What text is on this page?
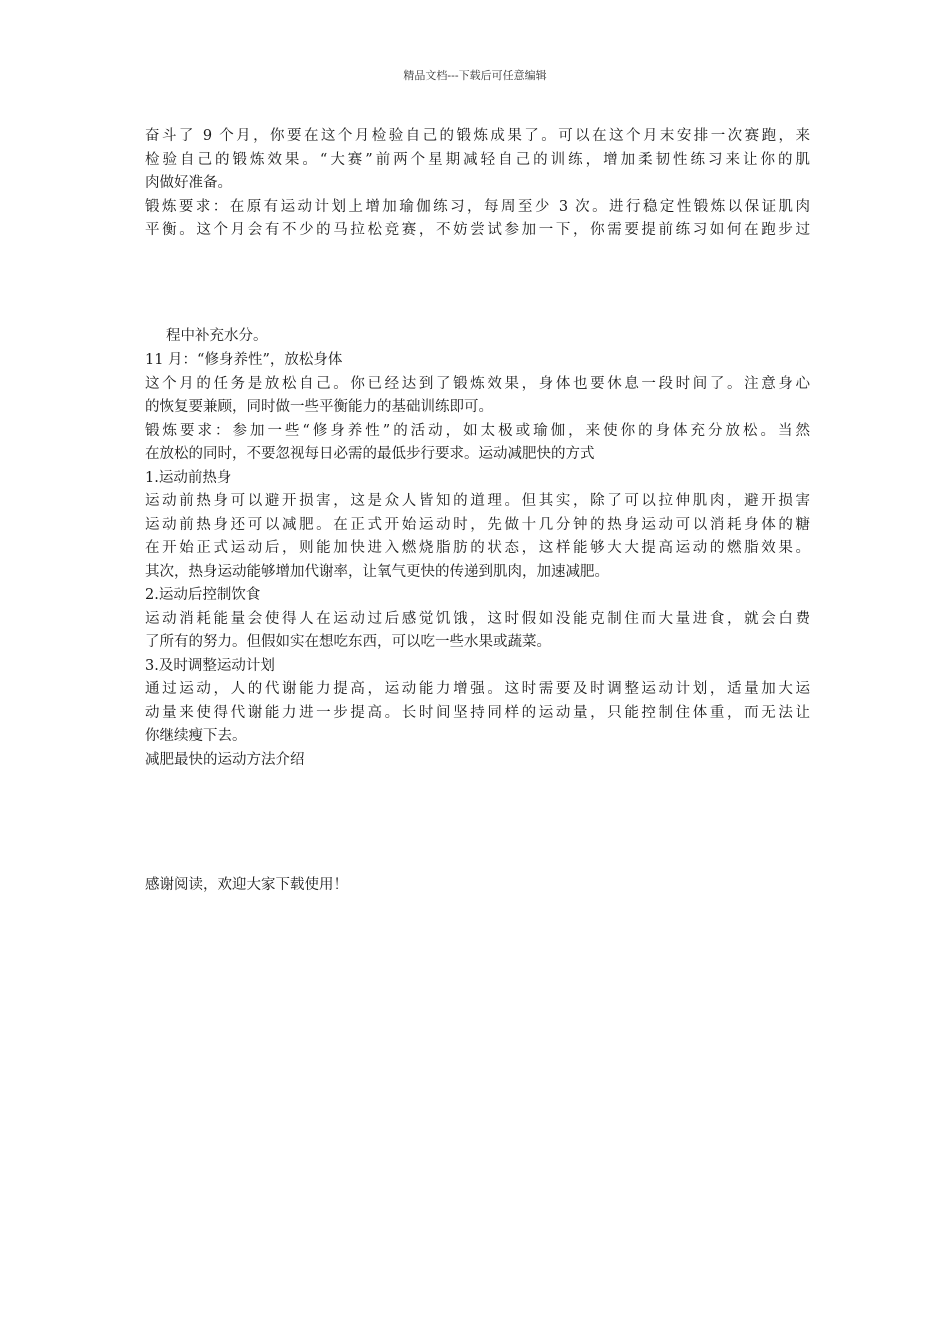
精品文档---下载后可任意编辑
奋斗了 9 个月，你要在这个月检验自己的锻炼成果了。可以在这个月末安排一次赛跑，来
检验自己的锻炼效果。“大赛”前两个星期减轻自己的训练，增加柔韧性练习来让你的肌
肉做好准备。
锻炼要求：在原有运动计划上增加瑜伽练习，每周至少 3 次。进行稳定性锻炼以保证肌肉
平衡。这个月会有不少的马拉松竞赛，不妨尝试参加一下，你需要提前练习如何在跑步过
程中补充水分。
11 月：“修身养性”，放松身体
这个月的任务是放松自己。你已经达到了锻炼效果，身体也要休息一段时间了。注意身心
的恢复要兼顾，同时做一些平衡能力的基础训练即可。
锻炼要求：参加一些“修身养性”的活动，如太极或瑜伽，来使你的身体充分放松。当然
在放松的同时，不要忽视每日必需的最低步行要求。运动减肥快的方式
1.运动前热身
运动前热身可以避开损害，这是众人皆知的道理。但其实，除了可以拉伸肌肉，避开损害
运动前热身还可以减肥。在正式开始运动时，先做十几分钟的热身运动可以消耗身体的糖
在开始正式运动后，则能加快进入燃烧脂肪的状态，这样能够大大提高运动的燃脂效果。
其次，热身运动能够增加代谢率，让氧气更快的传递到肌肉，加速减肥。
2.运动后控制饮食
运动消耗能量会使得人在运动过后感觉饥饿，这时假如没能克制住而大量进食，就会白费
了所有的努力。但假如实在想吃东西，可以吃一些水果或蔬菜。
3.及时调整运动计划
通过运动，人的代谢能力提高，运动能力增强。这时需要及时调整运动计划，适量加大运
动量来使得代谢能力进一步提高。长时间坚持同样的运动量，只能控制住体重，而无法让
你继续瘦下去。
减肥最快的运动方法介绍
感谢阅读，欢迎大家下载使用！
